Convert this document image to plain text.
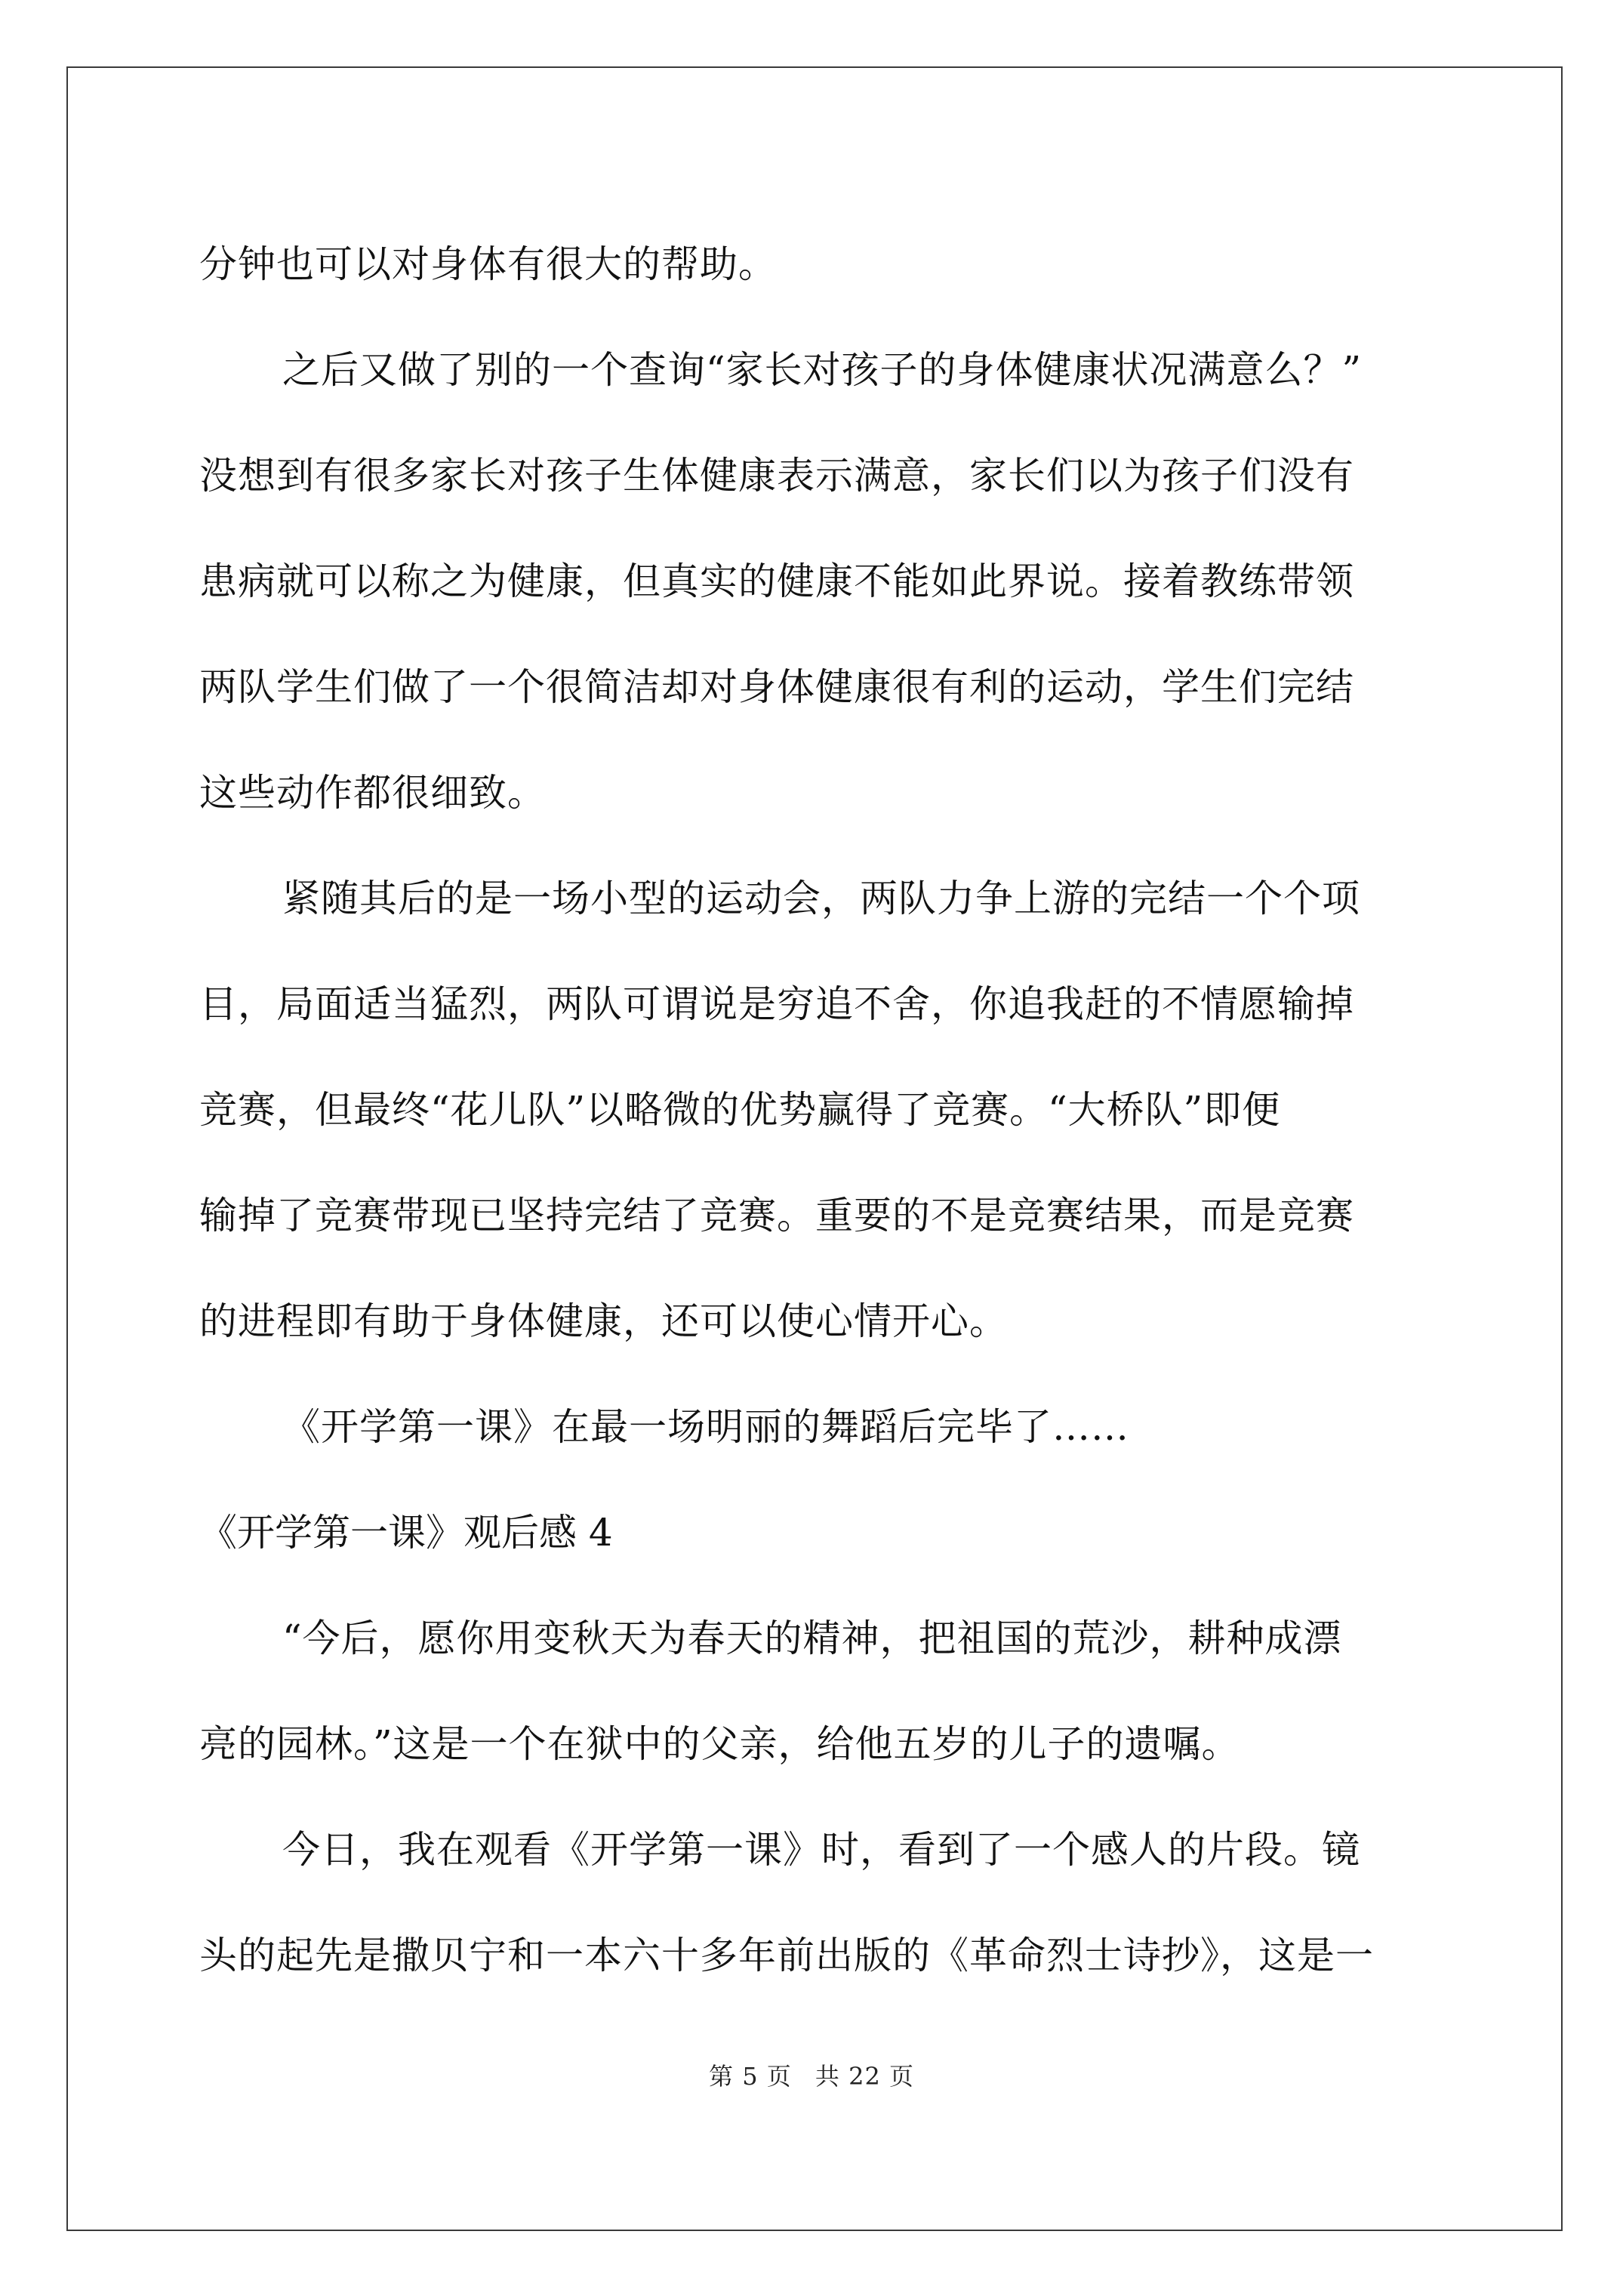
分钟也可以对身体有很大的帮助。
之后又做了别的一个查询“家长对孩子的身体健康状况满意么？”
没想到有很多家长对孩子生体健康表示满意，家长们以为孩子们没有
患病就可以称之为健康，但真实的健康不能如此界说。接着教练带领
两队学生们做了一个很简洁却对身体健康很有利的运动，学生们完结
这些动作都很细致。
紧随其后的是一场小型的运动会，两队力争上游的完结一个个项
目，局面适当猛烈，两队可谓说是穷追不舍，你追我赶的不情愿输掉
竞赛，但最终“花儿队”以略微的优势赢得了竞赛。“大桥队”即便
输掉了竞赛带现已坚持完结了竞赛。重要的不是竞赛结果，而是竞赛
的进程即有助于身体健康，还可以使心情开心。
《开学第一课》在最一场明丽的舞蹈后完毕了……
《开学第一课》观后感 4
“今后，愿你用变秋天为春天的精神，把祖国的荒沙，耕种成漂
亮的园林。”这是一个在狱中的父亲，给他五岁的儿子的遗嘱。
今日，我在观看《开学第一课》时，看到了一个感人的片段。镜
头的起先是撒贝宁和一本六十多年前出版的《革命烈士诗抄》，这是一
第 5 页 共 22 页
